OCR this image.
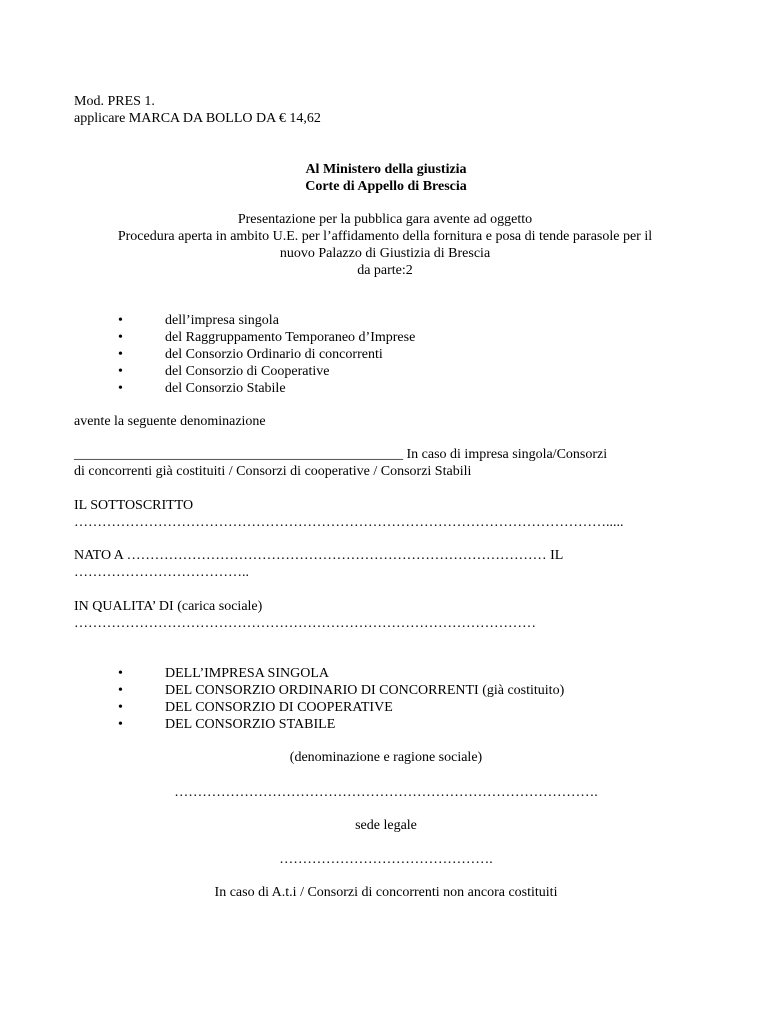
Mod. PRES 1.
applicare MARCA DA BOLLO DA € 14,62
Al Ministero della giustizia
Corte di Appello di Brescia
Presentazione per la pubblica gara avente ad oggetto
Procedura aperta in ambito U.E. per l’affidamento della fornitura e posa di tende parasole per il
nuovo Palazzo di Giustizia di Brescia
da parte:2
• dell’impresa singola
• del Raggruppamento Temporaneo d’Imprese
• del Consorzio Ordinario di concorrenti
• del Consorzio di Cooperative
• del Consorzio Stabile
avente la seguente denominazione
_______________________________________________ In caso di impresa singola/Consorzi
di concorrenti già costituiti / Consorzi di cooperative / Consorzi Stabili
IL SOTTOSCRITTO
…………………………………………………………………………………………………….....
NATO A ……………………………………………………………………………… IL
………………………………..
IN QUALITA’ DI (carica sociale)
………………………………………………………………………………………
• DELL’IMPRESA SINGOLA
• DEL CONSORZIO ORDINARIO DI CONCORRENTI (già costituito)
• DEL CONSORZIO DI COOPERATIVE
• DEL CONSORZIO STABILE
(denominazione e ragione sociale)
……………………………………………………………………………….
sede legale
……………………………………….
In caso di A.t.i / Consorzi di concorrenti non ancora costituiti
